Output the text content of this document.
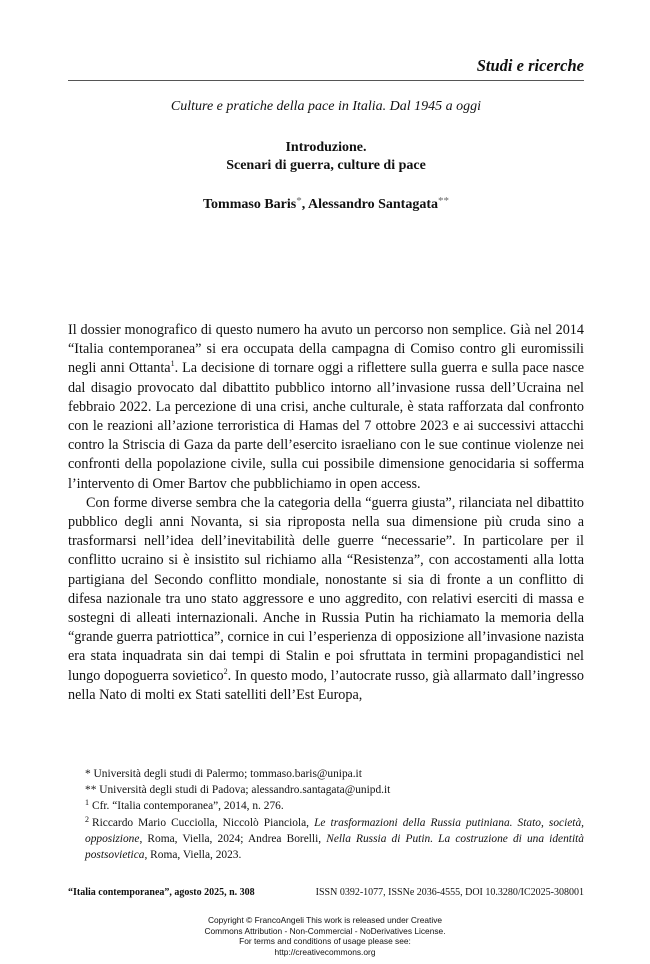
Studi e ricerche
Culture e pratiche della pace in Italia. Dal 1945 a oggi
Introduzione.
Scenari di guerra, culture di pace
Tommaso Baris*, Alessandro Santagata**

Il dossier monografico di questo numero ha avuto un percorso non semplice. Già nel 2014 “Italia contemporanea” si era occupata della campagna di Comiso contro gli euromissili negli anni Ottanta$^1$. La decisione di tornare oggi a riflettere sulla guerra e sulla pace nasce dal disagio provocato dal dibattito pubblico intorno all’invasione russa dell’Ucraina nel febbraio 2022. La percezione di una crisi, anche culturale, è stata rafforzata dal confronto con le reazioni all’azione terroristica di Hamas del 7 ottobre 2023 e ai successivi attacchi contro la Striscia di Gaza da parte dell’esercito israeliano con le sue continue violenze nei confronti della popolazione civile, sulla cui possibile dimensione genocidaria si sofferma l’intervento di Omer Bartov che pubblichiamo in open access.

Con forme diverse sembra che la categoria della “guerra giusta”, rilanciata nel dibattito pubblico degli anni Novanta, si sia riproposta nella sua dimensione più cruda sino a trasformarsi nell’idea dell’inevitabilità delle guerre “necessarie”. In particolare per il conflitto ucraino si è insistito sul richiamo alla “Resistenza”, con accostamenti alla lotta partigiana del Secondo conflitto mondiale, nonostante si sia di fronte a un conflitto di difesa nazionale tra uno stato aggressore e uno aggredito, con relativi eserciti di massa e sostegni di alleati internazionali. Anche in Russia Putin ha richiamato la memoria della “grande guerra patriottica”, cornice in cui l’esperienza di opposizione all’invasione nazista era stata inquadrata sin dai tempi di Stalin e poi sfruttata in termini propagandistici nel lungo dopoguerra sovietico$^2$. In questo modo, l’autocrate russo, già allarmato dall’ingresso nella Nato di molti ex Stati satelliti dell’Est Europa,

* Università degli studi di Palermo; tommaso.baris@unipa.it

** Università degli studi di Padova; alessandro.santagata@unipd.it

$^1$ Cfr. “Italia contemporanea”, 2014, n. 276.

$^2$ Riccardo Mario Cucciolla, Niccolò Pianciola, Le trasformazioni della Russia putiniana. Stato, società, opposizione, Roma, Viella, 2024; Andrea Borelli, Nella Russia di Putin. La costruzione di una identità postsovietica, Roma, Viella, 2023.

“Italia contemporanea”, agosto 2025, n. 308	ISSN 0392-1077, ISSNe 2036-4555, DOI 10.3280/IC2025-308001
Copyright © FrancoAngeli This work is released under Creative
Commons Attribution - Non-Commercial - NoDerivatives License.
For terms and conditions of usage please see:
http://creativecommons.org
